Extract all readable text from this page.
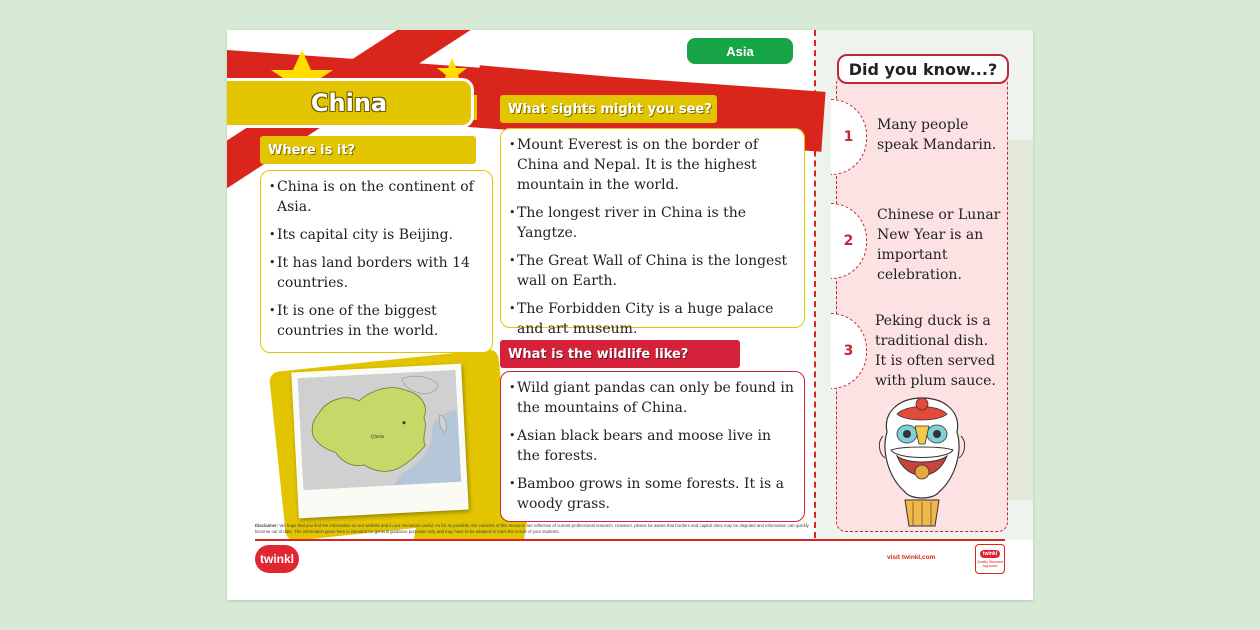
Asia
China
Where is it?
• China is on the continent of Asia.
• Its capital city is Beijing.
• It has land borders with 14 countries.
• It is one of the biggest countries in the world.
China
What sights might you see?
• Mount Everest is on the border of China and Nepal. It is the highest mountain in the world.
• The longest river in China is the Yangtze.
• The Great Wall of China is the longest wall on Earth.
• The Forbidden City is a huge palace and art museum.
What is the wildlife like?
• Wild giant pandas can only be found in the mountains of China.
• Asian black bears and moose live in the forests.
• Bamboo grows in some forests. It is a woody grass.
1
Many people speak Mandarin.
2
Chinese or Lunar New Year is an important celebration.
3
Peking duck is a traditional dish. It is often served with plum sauce.
Did you know...?
Disclaimer: We hope that you find the information on our website and in our resources useful. As far as possible, the contents of this resource are reflective of current professional research. However, please be aware that borders and capital cities may be disputed and information can quickly become out of date. The information given here is intended for general guidance purposes only and may have to be adapted to meet the needs of your students.
twinkl	visit twinkl.com	twinkl
Quality Standard Approved
